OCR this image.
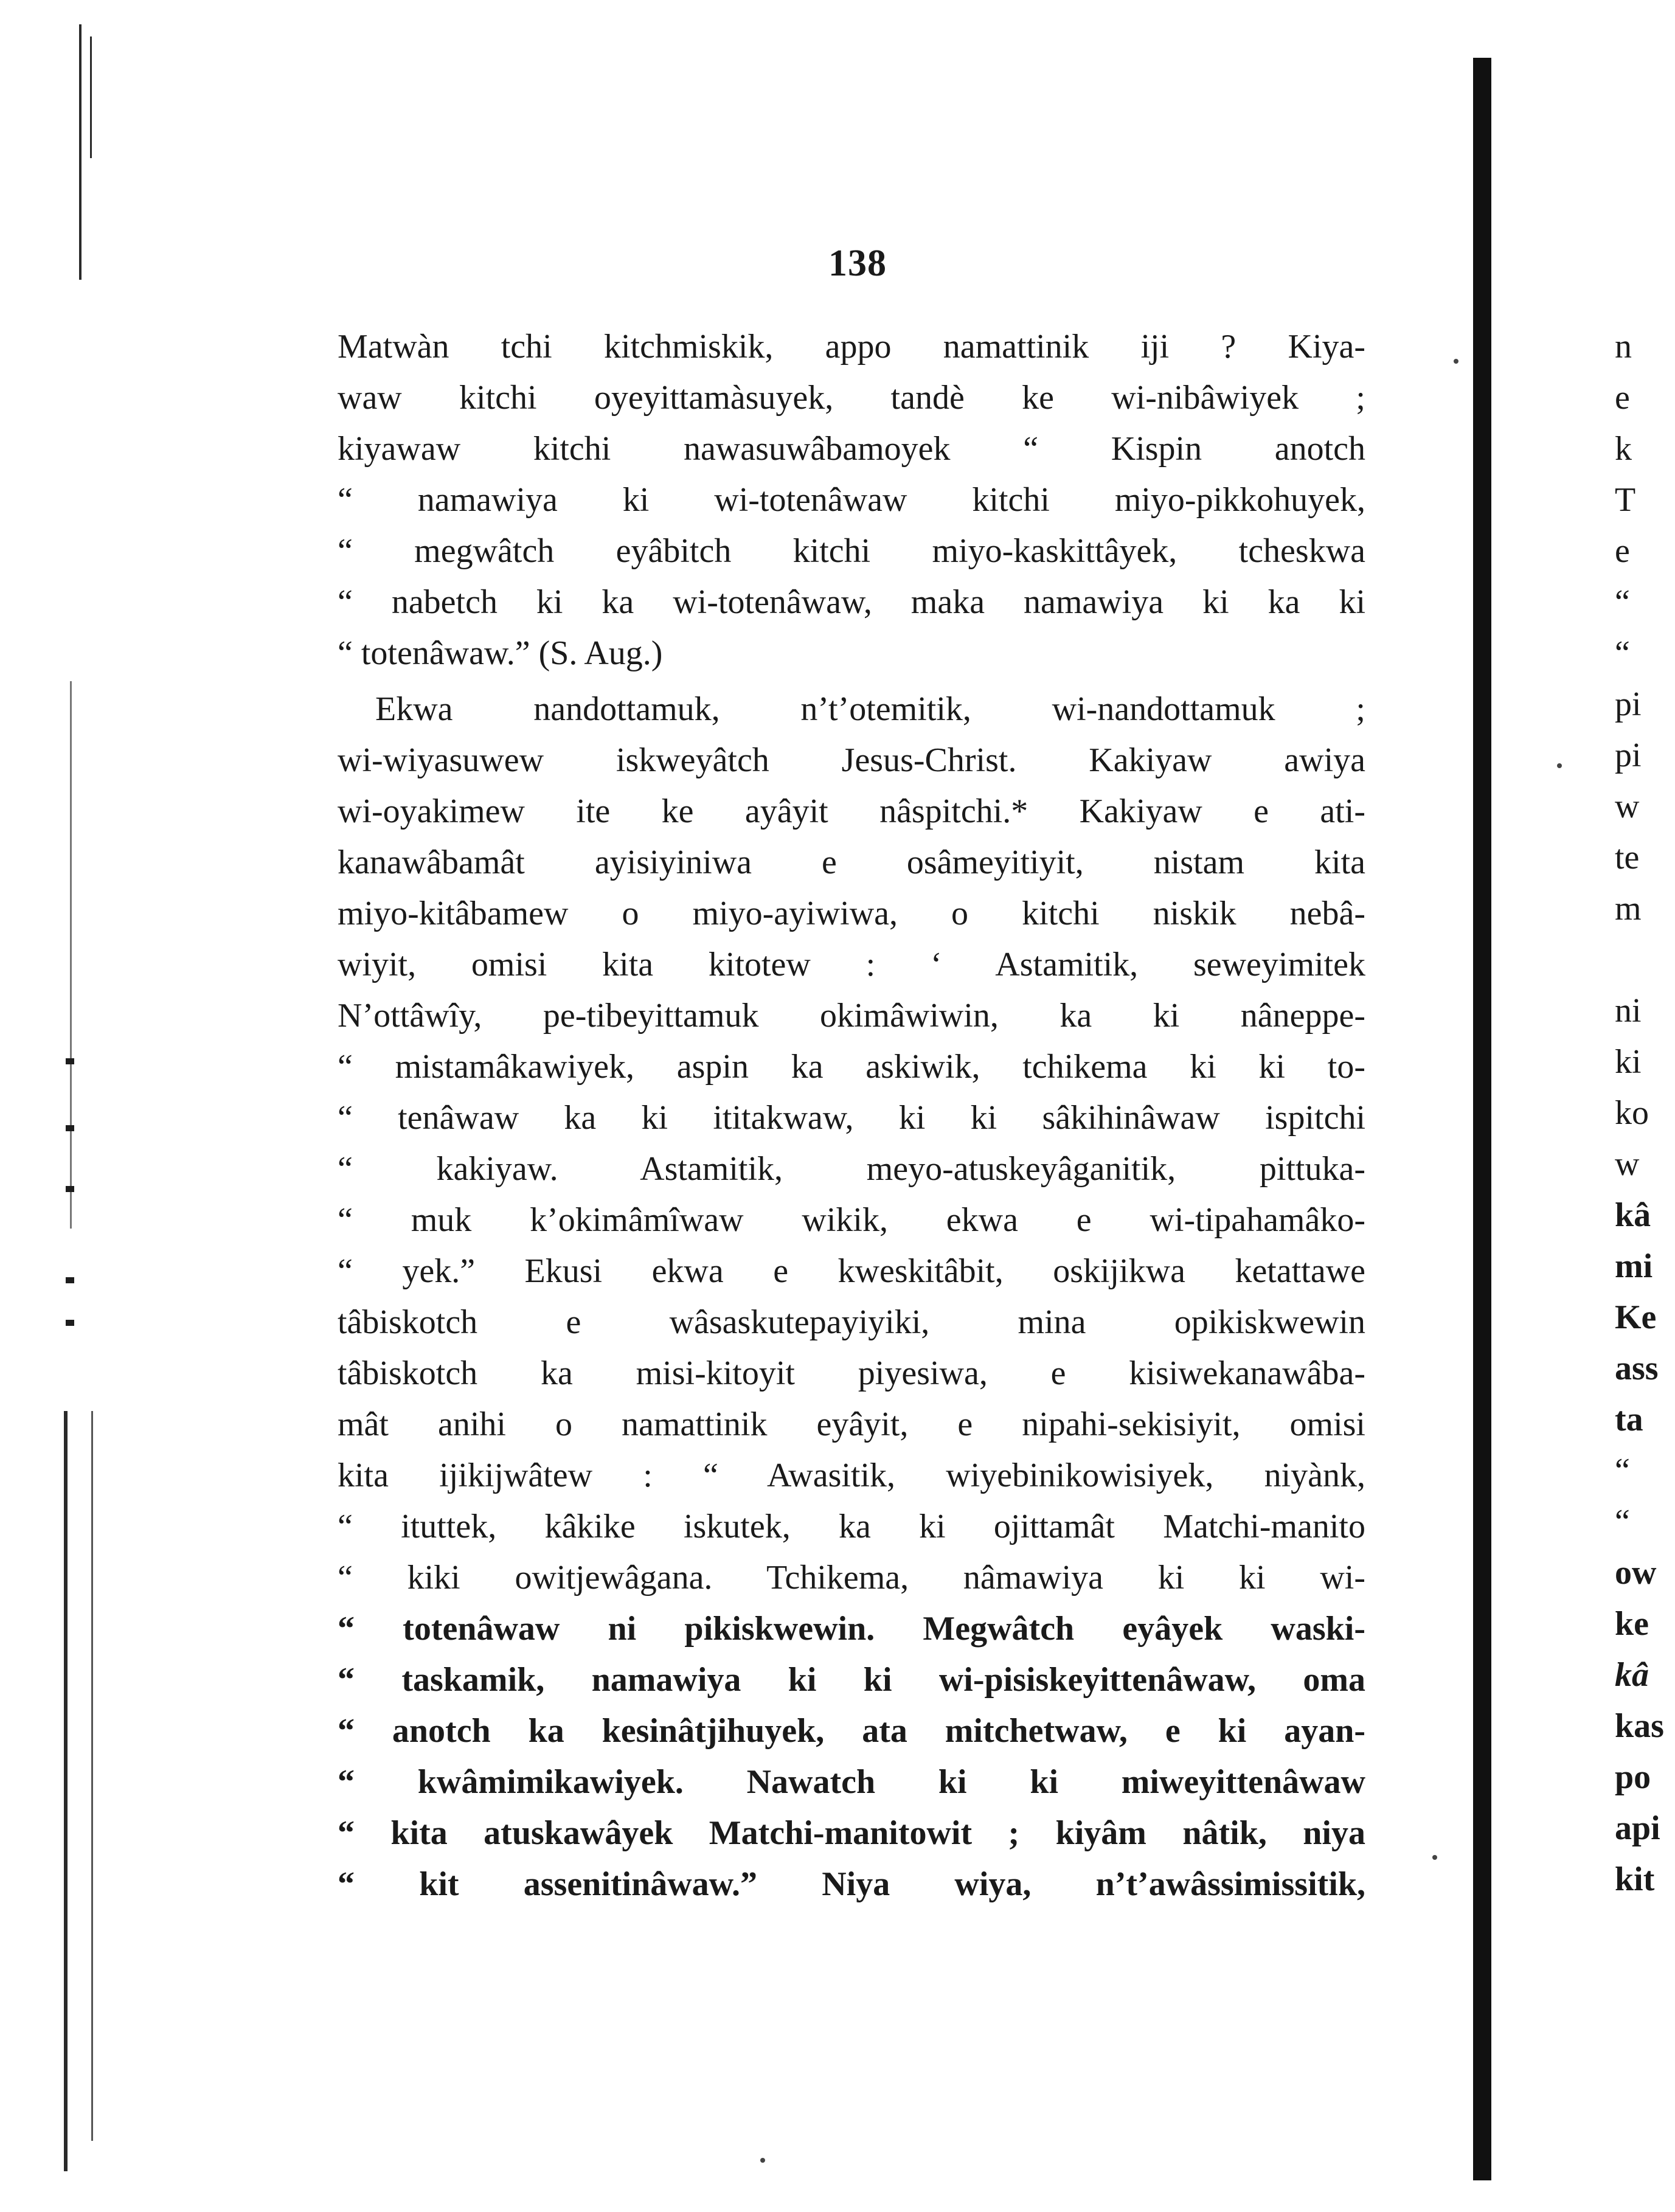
138
Matwàn tchi kitchmiskik, appo namattinik iji ? Kiya-
waw kitchi oyeyittamàsuyek, tandè ke wi-nibâwiyek ;
kiyawaw kitchi nawasuwâbamoyek “ Kispin anotch
“ namawiya ki wi-totenâwaw kitchi miyo-pikkohuyek,
“ megwâtch eyâbitch kitchi miyo-kaskittâyek, tcheskwa
“ nabetch ki ka wi-totenâwaw, maka namawiya ki ka ki
“ totenâwaw.” (S. Aug.)
Ekwa nandottamuk, n’t’otemitik, wi-nandottamuk ;
wi-wiyasuwew iskweyâtch Jesus-Christ. Kakiyaw awiya
wi-oyakimew ite ke ayâyit nâspitchi.* Kakiyaw e ati-
kanawâbamât ayisiyiniwa e osâmeyitiyit, nistam kita
miyo-kitâbamew o miyo-ayiwiwa, o kitchi niskik nebâ-
wiyit, omisi kita kitotew : ‘ Astamitik, seweyimitek
N’ottâwîy, pe-tibeyittamuk okimâwiwin, ka ki nâneppe-
“ mistamâkawiyek, aspin ka askiwik, tchikema ki ki to-
“ tenâwaw ka ki ititakwaw, ki ki sâkihinâwaw ispitchi
“ kakiyaw. Astamitik, meyo-atuskeyâganitik, pittuka-
“ muk k’okimâmîwaw wikik, ekwa e wi-tipahamâko-
“ yek.” Ekusi ekwa e kweskitâbit, oskijikwa ketattawe
tâbiskotch e wâsaskutepayiyiki, mina opikiskwewin
tâbiskotch ka misi-kitoyit piyesiwa, e kisiwekanawâba-
mât anihi o namattinik eyâyit, e nipahi-sekisiyit, omisi
kita ijikijwâtew : “ Awasitik, wiyebinikowisiyek, niyànk,
“ ituttek, kâkike iskutek, ka ki ojittamât Matchi-manito
“ kiki owitjewâgana. Tchikema, nâmawiya ki ki wi-
“ totenâwaw ni pikiskwewin. Megwâtch eyâyek waski-
“ taskamik, namawiya ki ki wi-pisiskeyittenâwaw, oma
“ anotch ka kesinâtjihuyek, ata mitchetwaw, e ki ayan-
“ kwâmimikawiyek. Nawatch ki ki miweyittenâwaw
“ kita atuskawâyek Matchi-manitowit ; kiyâm nâtik, niya
“ kit assenitinâwaw.” Niya wiya, n’t’awâssimissitik,
n
e
k
T
e
“
“
pi
pi
w
te
m
ni
ki
ko
w
kâ
mi
Ke
ass
ta
“
“
ow
ke
kâ
kas
po
api
kit
